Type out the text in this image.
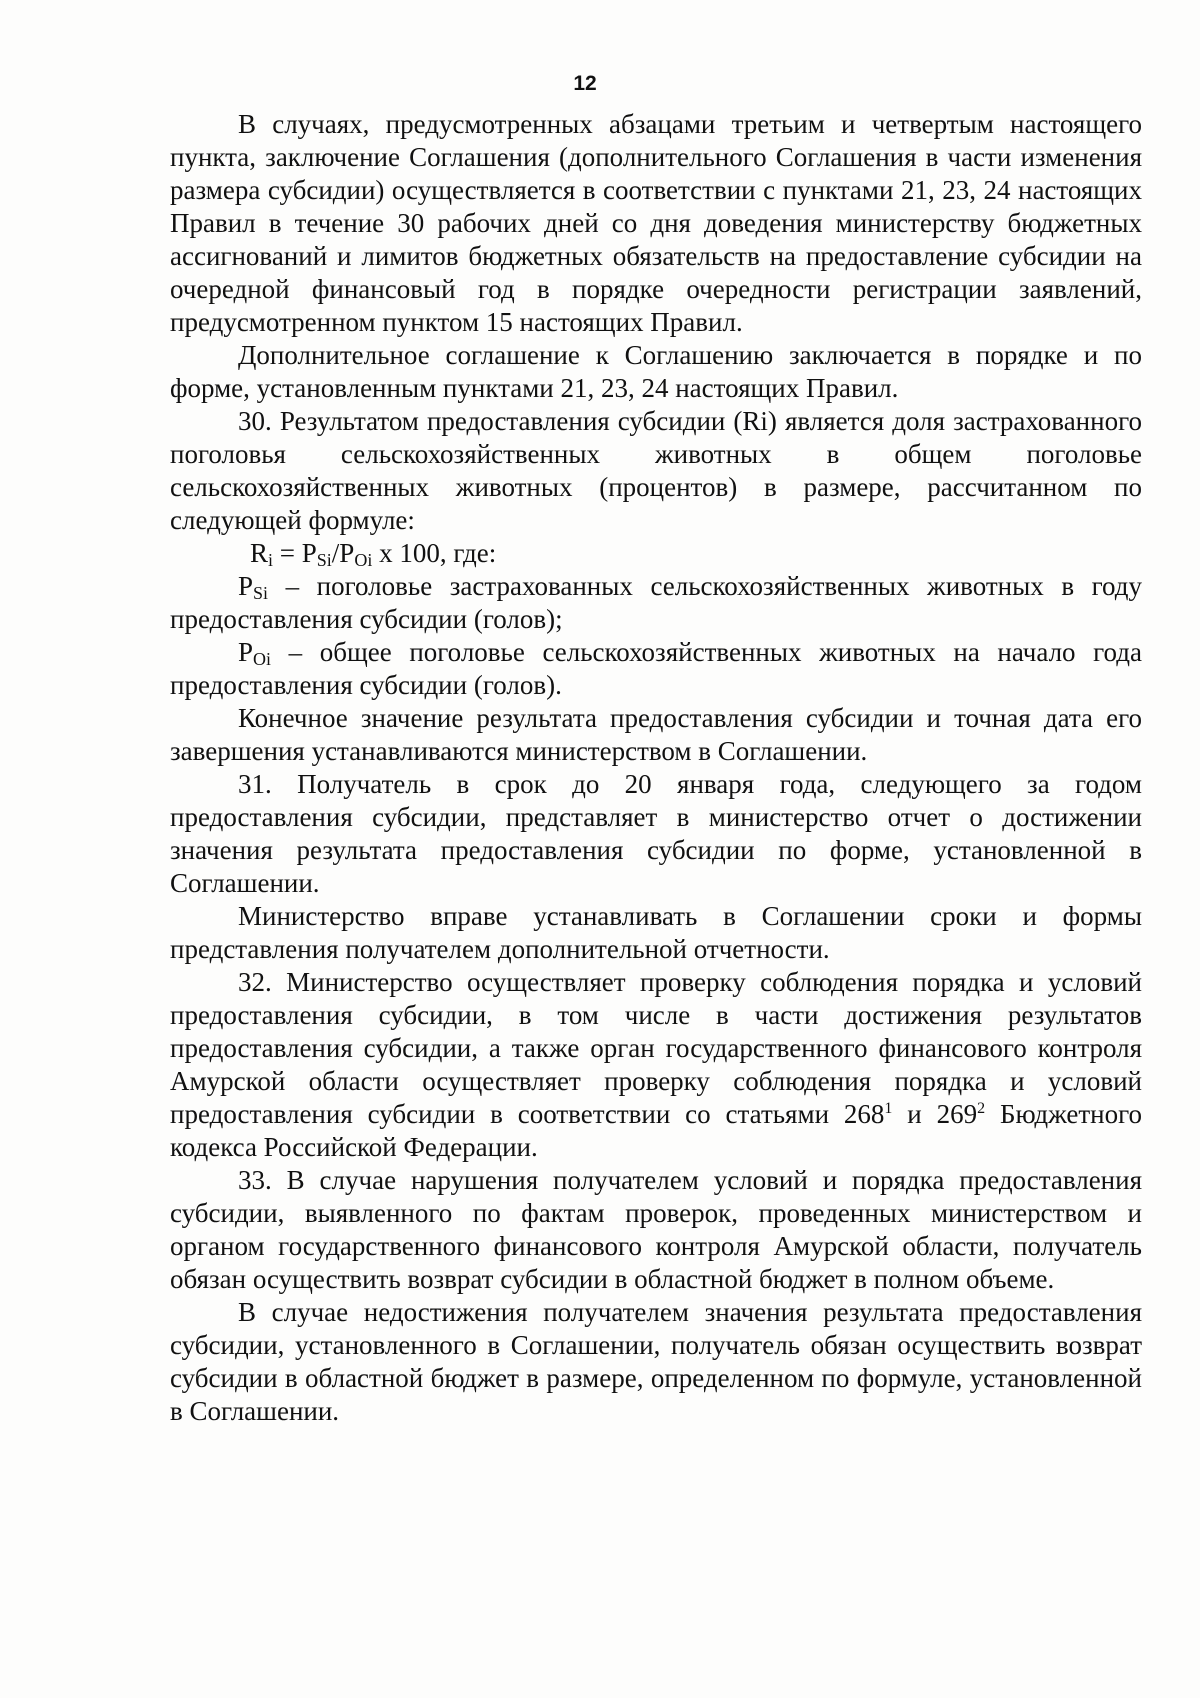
12

В случаях, предусмотренных абзацами третьим и четвертым настоящего пункта, заключение Соглашения (дополнительного Соглашения в части изменения размера субсидии) осуществляется в соответствии с пунктами 21, 23, 24 настоящих Правил в течение 30 рабочих дней со дня доведения министерству бюджетных ассигнований и лимитов бюджетных обязательств на предоставление субсидии на очередной финансовый год в порядке очередности регистрации заявлений, предусмотренном пунктом 15 настоящих Правил.

Дополнительное соглашение к Соглашению заключается в порядке и по форме, установленным пунктами 21, 23, 24 настоящих Правил.

30. Результатом предоставления субсидии (Ri) является доля застрахованного поголовья сельскохозяйственных животных в общем поголовье сельскохозяйственных животных (процентов) в размере, рассчитанном по следующей формуле:

$R_i = P_{Si}/P_{Oi}$ x 100, где:

$P_{Si}$ – поголовье застрахованных сельскохозяйственных животных в году предоставления субсидии (голов);

$P_{Oi}$ – общее поголовье сельскохозяйственных животных на начало года предоставления субсидии (голов).

Конечное значение результата предоставления субсидии и точная дата его завершения устанавливаются министерством в Соглашении.

31. Получатель в срок до 20 января года, следующего за годом предоставления субсидии, представляет в министерство отчет о достижении значения результата предоставления субсидии по форме, установленной в Соглашении.

Министерство вправе устанавливать в Соглашении сроки и формы представления получателем дополнительной отчетности.

32. Министерство осуществляет проверку соблюдения порядка и условий предоставления субсидии, в том числе в части достижения результатов предоставления субсидии, а также орган государственного финансового контроля Амурской области осуществляет проверку соблюдения порядка и условий предоставления субсидии в соответствии со статьями $268^1$ и $269^2$ Бюджетного кодекса Российской Федерации.

33. В случае нарушения получателем условий и порядка предоставления субсидии, выявленного по фактам проверок, проведенных министерством и органом государственного финансового контроля Амурской области, получатель обязан осуществить возврат субсидии в областной бюджет в полном объеме.

В случае недостижения получателем значения результата предоставления субсидии, установленного в Соглашении, получатель обязан осуществить возврат субсидии в областной бюджет в размере, определенном по формуле, установленной в Соглашении.
